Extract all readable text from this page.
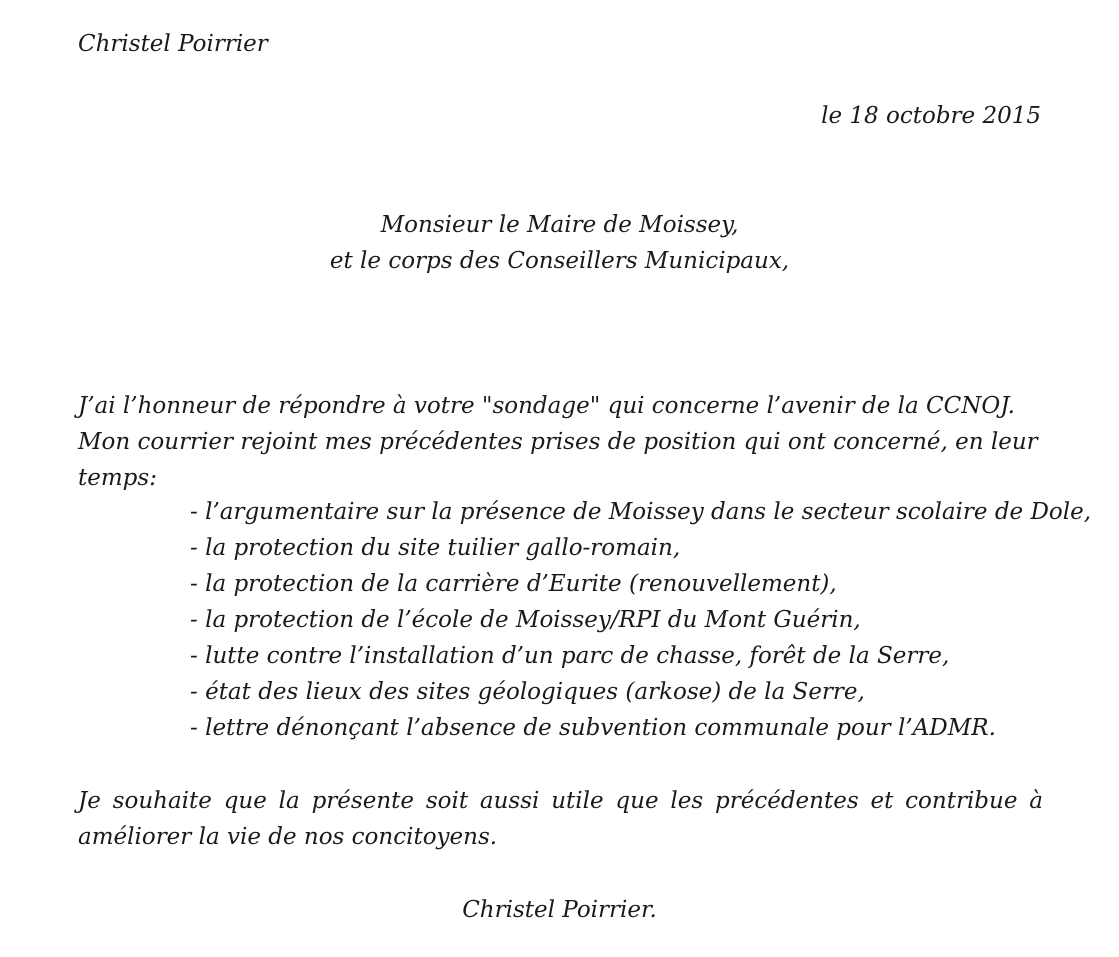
Christel Poirrier
le 18 octobre 2015
Monsieur le Maire de Moissey,
et le corps des Conseillers Municipaux,
J’ai l’honneur de répondre à votre "sondage" qui concerne l’avenir de la CCNOJ.
Mon courrier rejoint mes précédentes prises de position qui ont concerné, en leur temps:
- l’argumentaire sur la présence de Moissey dans le secteur scolaire de Dole,
- la protection du site tuilier gallo-romain,
- la protection de la carrière d’Eurite (renouvellement),
- la protection de l’école de Moissey/RPI du Mont Guérin,
- lutte contre l’installation d’un parc de chasse, forêt de la Serre,
- état des lieux des sites géologiques (arkose) de la Serre,
- lettre dénonçant l’absence de subvention communale pour l’ADMR.
Je souhaite que la présente soit aussi utile que les précédentes et contribue à améliorer la vie de nos concitoyens.
Christel Poirrier.
